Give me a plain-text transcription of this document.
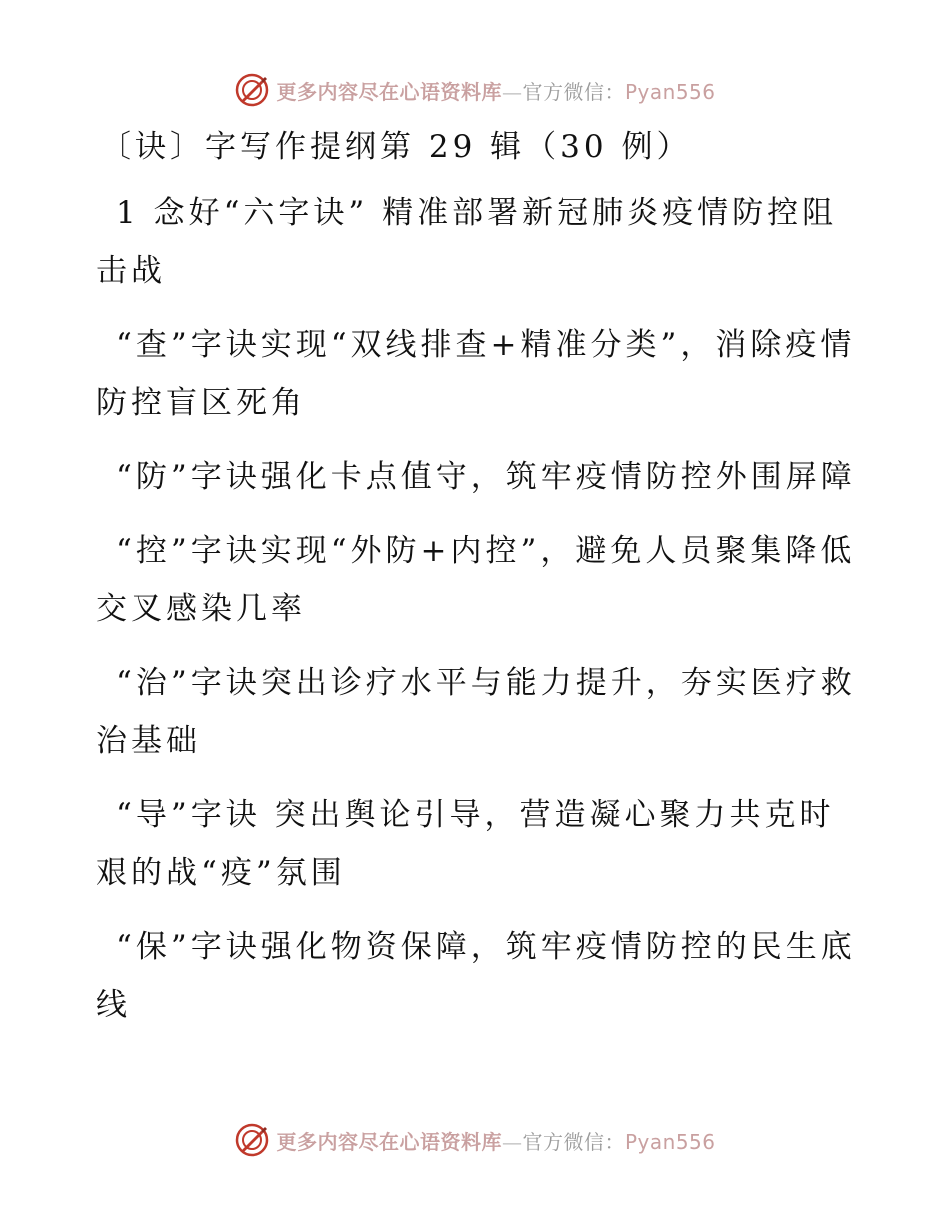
更多内容尽在心语资料库—官方微信：Pyan556

〔诀〕字写作提纲第 29 辑（30 例）

1 念好“六字诀” 精准部署新冠肺炎疫情防控阻击战

“查”字诀实现“双线排查+精准分类”，消除疫情防控盲区死角

“防”字诀强化卡点值守，筑牢疫情防控外围屏障

“控”字诀实现“外防+内控”，避免人员聚集降低交叉感染几率

“治”字诀突出诊疗水平与能力提升，夯实医疗救治基础

“导”字诀 突出舆论引导，营造凝心聚力共克时艰的战“疫”氛围

“保”字诀强化物资保障，筑牢疫情防控的民生底线

更多内容尽在心语资料库—官方微信：Pyan556
